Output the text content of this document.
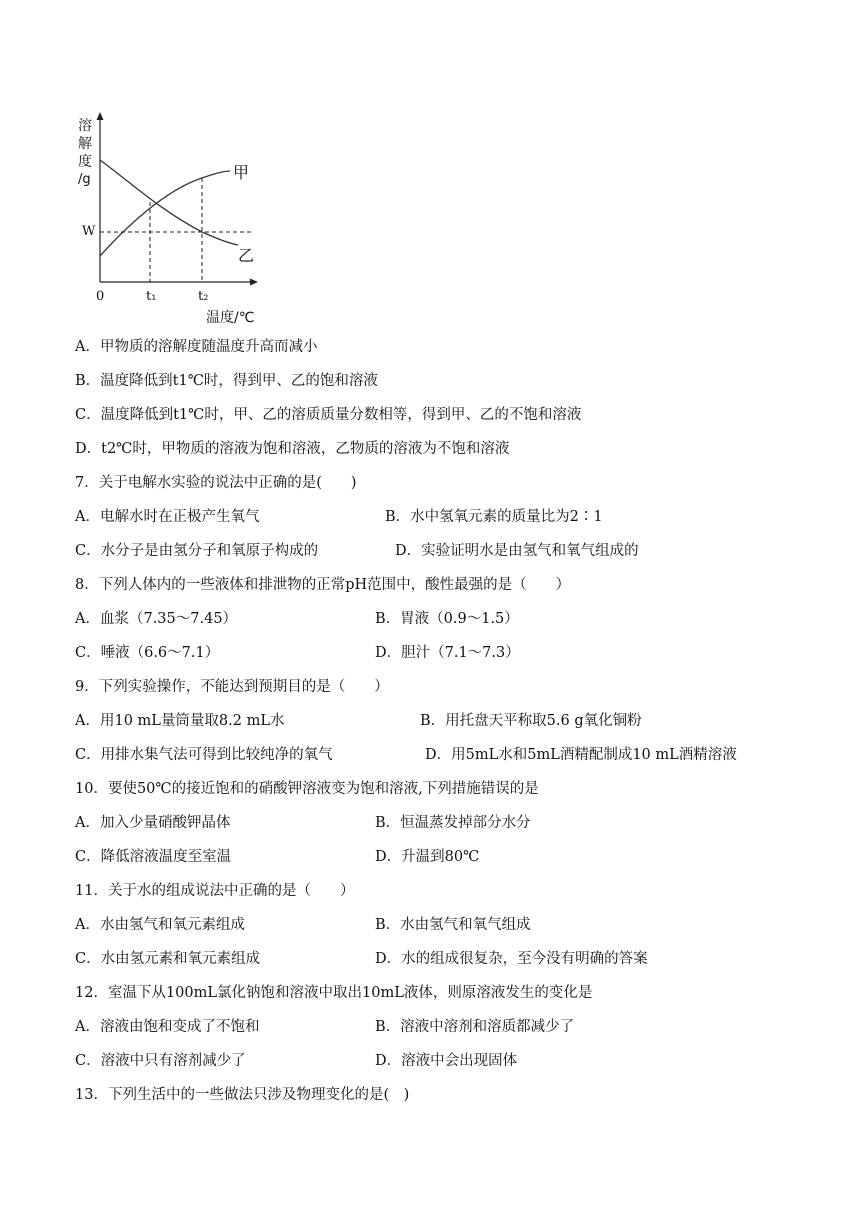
溶
解
度
/g
W
0	t₁	t₂
甲
乙
温度/℃
A．甲物质的溶解度随温度升高而减小
B．温度降低到t1℃时，得到甲、乙的饱和溶液
C．温度降低到t1℃时，甲、乙的溶质质量分数相等，得到甲、乙的不饱和溶液
D．t2℃时，甲物质的溶液为饱和溶液，乙物质的溶液为不饱和溶液
7．关于电解水实验的说法中正确的是(　　)
A．电解水时在正极产生氧气	B．水中氢氧元素的质量比为2∶1
C．水分子是由氢分子和氧原子构成的	D．实验证明水是由氢气和氧气组成的
8．下列人体内的一些液体和排泄物的正常pH范围中，酸性最强的是（　　）
A．血浆（7.35～7.45）	B．胃液（0.9～1.5）
C．唾液（6.6～7.1）	D．胆汁（7.1～7.3）
9．下列实验操作，不能达到预期目的是（　　）
A．用10 mL量筒量取8.2 mL水	B．用托盘天平称取5.6 g氧化铜粉
C．用排水集气法可得到比较纯净的氧气	D．用5mL水和5mL酒精配制成10 mL酒精溶液
10．要使50℃的接近饱和的硝酸钾溶液变为饱和溶液,下列措施错误的是
A．加入少量硝酸钾晶体	B．恒温蒸发掉部分水分
C．降低溶液温度至室温	D．升温到80℃
11．关于水的组成说法中正确的是（　　）
A．水由氢气和氧元素组成	B．水由氢气和氧气组成
C．水由氢元素和氧元素组成	D．水的组成很复杂，至今没有明确的答案
12．室温下从100mL氯化钠饱和溶液中取出10mL液体，则原溶液发生的变化是
A．溶液由饱和变成了不饱和	B．溶液中溶剂和溶质都减少了
C．溶液中只有溶剂减少了	D．溶液中会出现固体
13．下列生活中的一些做法只涉及物理变化的是(　)
